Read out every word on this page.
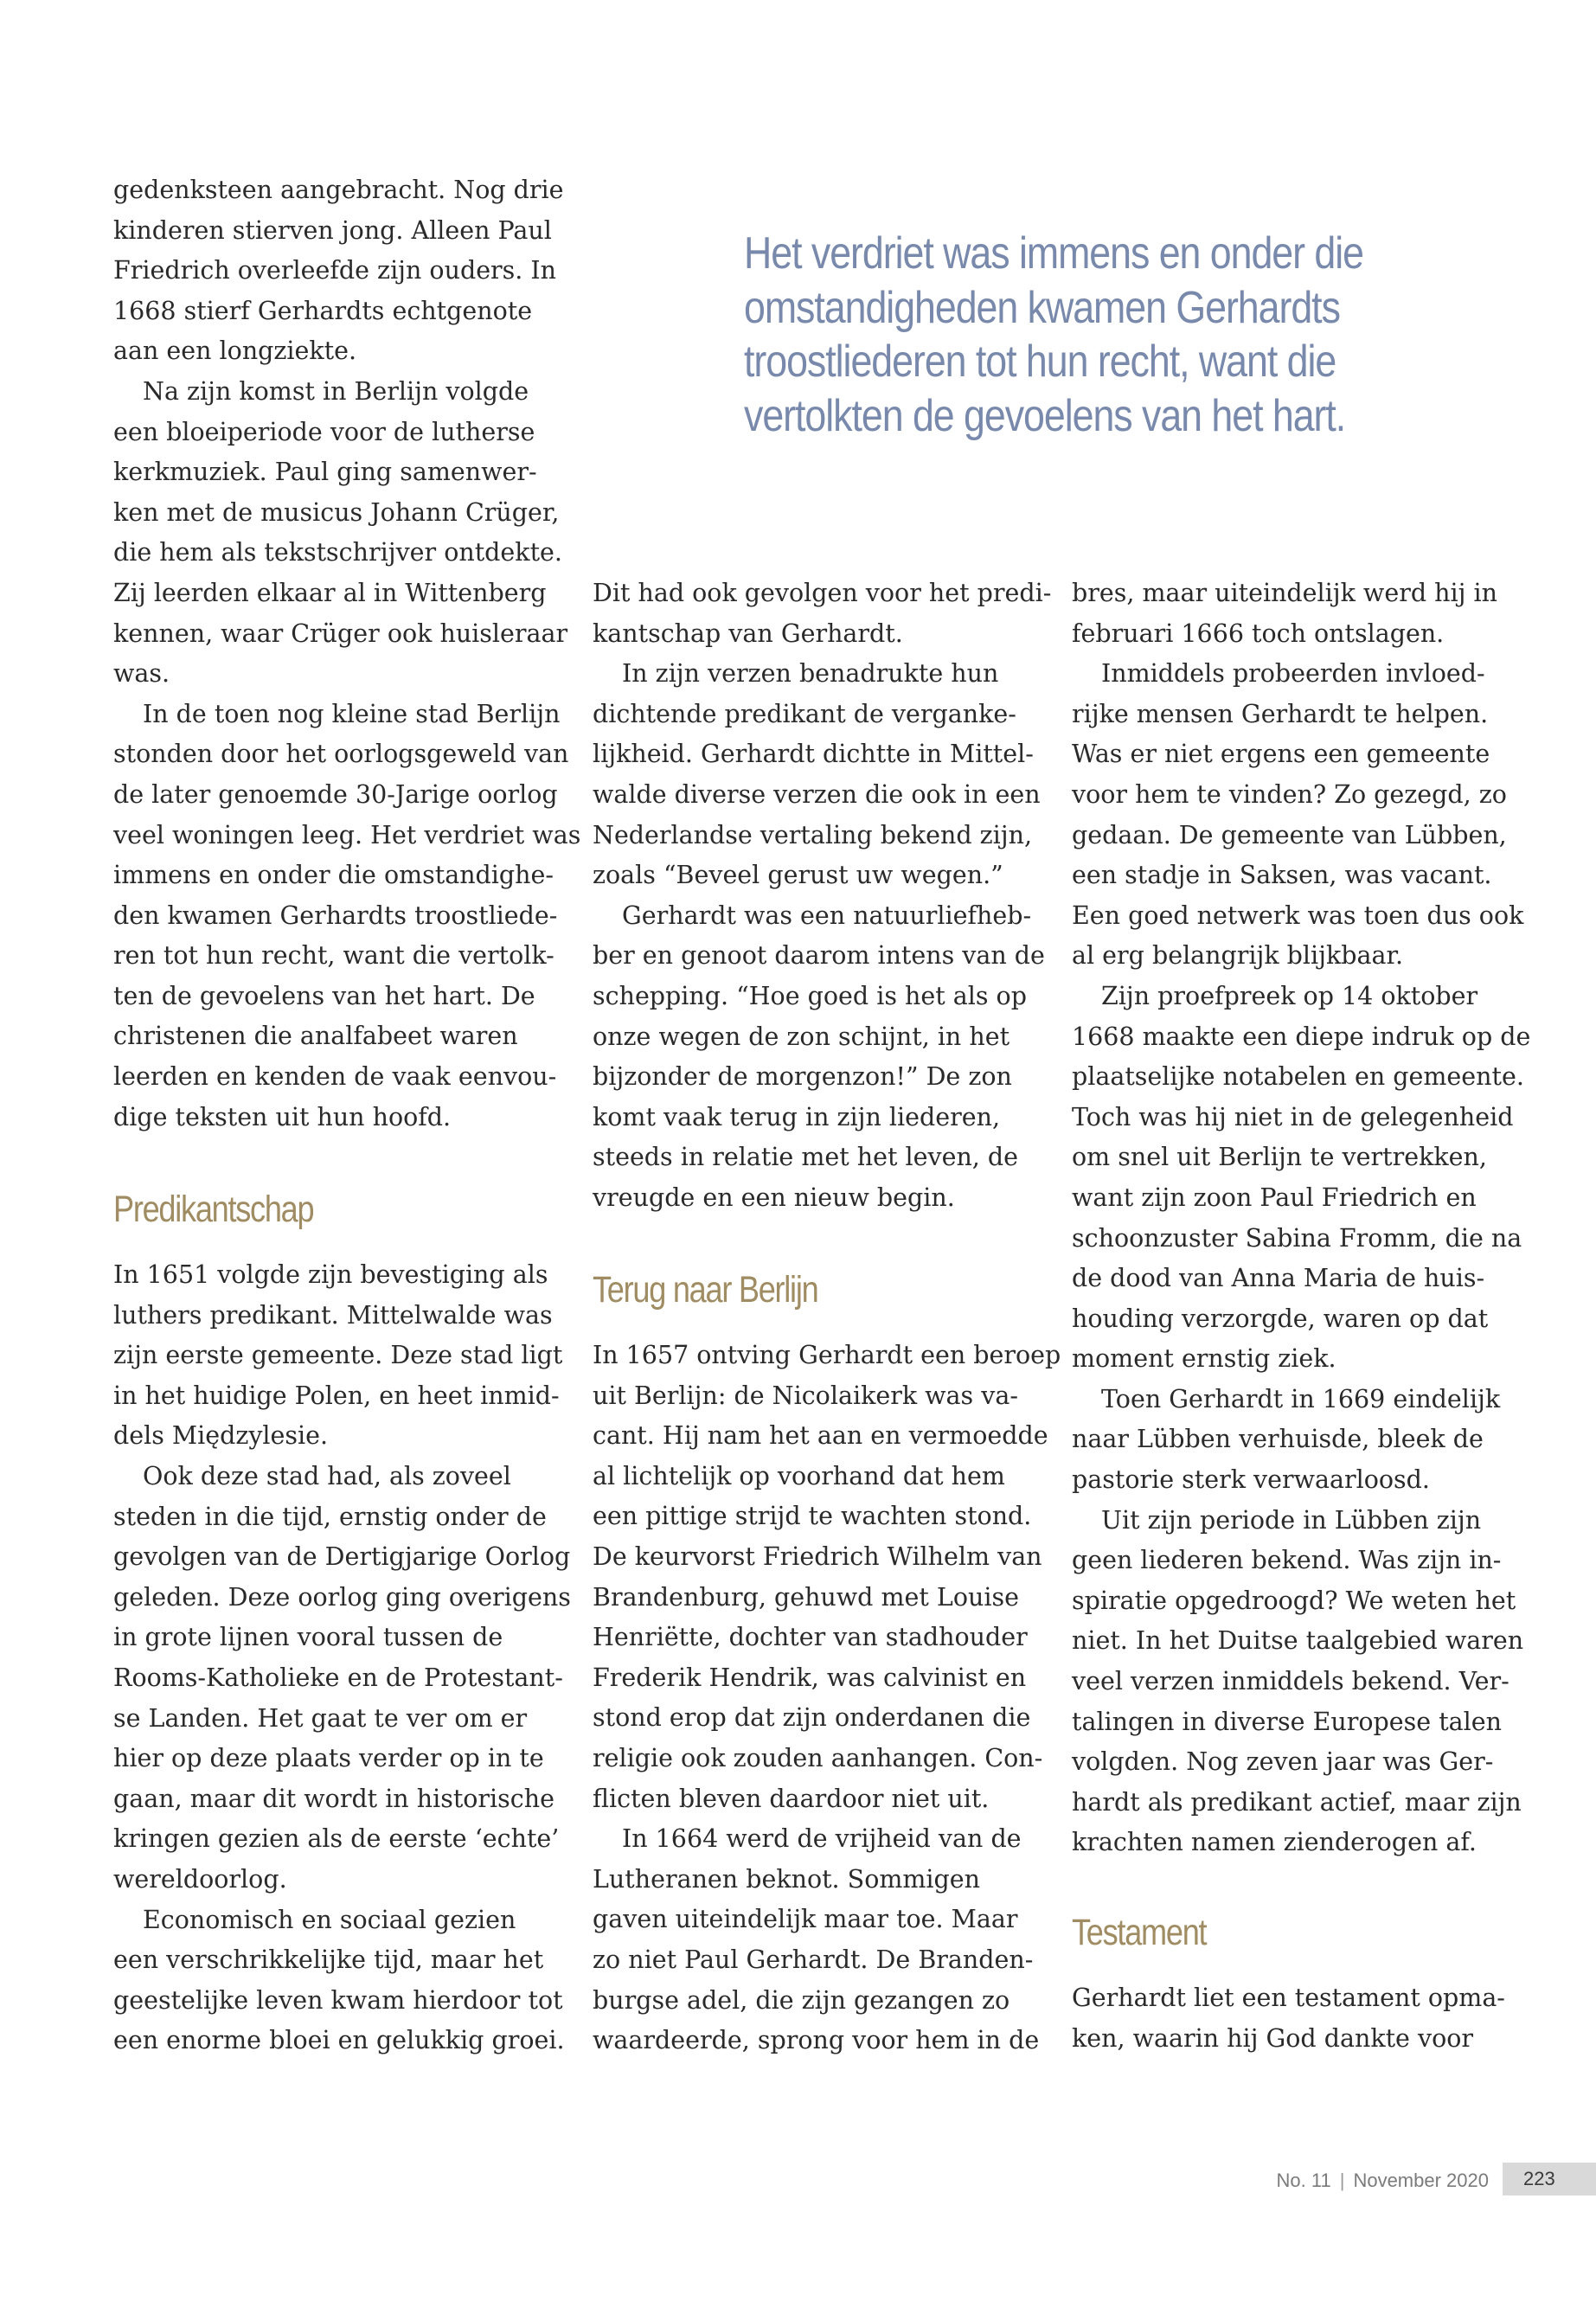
Het verdriet was immens en onder die

omstandigheden kwamen Gerhardts

troostliederen tot hun recht, want die

vertolkten de gevoelens van het hart.

gedenksteen aangebracht. Nog drie

kinderen stierven jong. Alleen Paul

Friedrich overleefde zijn ouders. In

1668 stierf Gerhardts echtgenote

aan een longziekte.

Na zijn komst in Berlijn volgde

een bloeiperiode voor de lutherse

kerkmuziek. Paul ging samenwer-

ken met de musicus Johann Crüger,

die hem als tekstschrijver ontdekte.

Zij leerden elkaar al in Wittenberg

kennen, waar Crüger ook huisleraar

was.

In de toen nog kleine stad Berlijn

stonden door het oorlogsgeweld van

de later genoemde 30-Jarige oorlog

veel woningen leeg. Het verdriet was

immens en onder die omstandighe-

den kwamen Gerhardts troostliede-

ren tot hun recht, want die vertolk-

ten de gevoelens van het hart. De

christenen die analfabeet waren

leerden en kenden de vaak eenvou-

dige teksten uit hun hoofd.

Predikantschap

In 1651 volgde zijn bevestiging als

luthers predikant. Mittelwalde was

zijn eerste gemeente. Deze stad ligt

in het huidige Polen, en heet inmid-

dels Międzylesie.

Ook deze stad had, als zoveel

steden in die tijd, ernstig onder de

gevolgen van de Dertigjarige Oorlog

geleden. Deze oorlog ging overigens

in grote lijnen vooral tussen de

Rooms-Katholieke en de Protestant-

se Landen. Het gaat te ver om er

hier op deze plaats verder op in te

gaan, maar dit wordt in historische

kringen gezien als de eerste ‘echte’

wereldoorlog.

Economisch en sociaal gezien

een verschrikkelijke tijd, maar het

geestelijke leven kwam hierdoor tot

een enorme bloei en gelukkig groei.

Dit had ook gevolgen voor het predi-

kantschap van Gerhardt.

In zijn verzen benadrukte hun

dichtende predikant de verganke-

lijkheid. Gerhardt dichtte in Mittel-

walde diverse verzen die ook in een

Nederlandse vertaling bekend zijn,

zoals “Beveel gerust uw wegen.”

Gerhardt was een natuurliefheb-

ber en genoot daarom intens van de

schepping. “Hoe goed is het als op

onze wegen de zon schijnt, in het

bijzonder de morgenzon!” De zon

komt vaak terug in zijn liederen,

steeds in relatie met het leven, de

vreugde en een nieuw begin.

Terug naar Berlijn

In 1657 ontving Gerhardt een beroep

uit Berlijn: de Nicolaikerk was va-

cant. Hij nam het aan en vermoedde

al lichtelijk op voorhand dat hem

een pittige strijd te wachten stond.

De keurvorst Friedrich Wilhelm van

Brandenburg, gehuwd met Louise

Henriëtte, dochter van stadhouder

Frederik Hendrik, was calvinist en

stond erop dat zijn onderdanen die

religie ook zouden aanhangen. Con-

flicten bleven daardoor niet uit.

In 1664 werd de vrijheid van de

Lutheranen beknot. Sommigen

gaven uiteindelijk maar toe. Maar

zo niet Paul Gerhardt. De Branden-

burgse adel, die zijn gezangen zo

waardeerde, sprong voor hem in de

bres, maar uiteindelijk werd hij in

februari 1666 toch ontslagen.

Inmiddels probeerden invloed-

rijke mensen Gerhardt te helpen.

Was er niet ergens een gemeente

voor hem te vinden? Zo gezegd, zo

gedaan. De gemeente van Lübben,

een stadje in Saksen, was vacant.

Een goed netwerk was toen dus ook

al erg belangrijk blijkbaar.

Zijn proefpreek op 14 oktober

1668 maakte een diepe indruk op de

plaatselijke notabelen en gemeente.

Toch was hij niet in de gelegenheid

om snel uit Berlijn te vertrekken,

want zijn zoon Paul Friedrich en

schoonzuster Sabina Fromm, die na

de dood van Anna Maria de huis-

houding verzorgde, waren op dat

moment ernstig ziek.

Toen Gerhardt in 1669 eindelijk

naar Lübben verhuisde, bleek de

pastorie sterk verwaarloosd.

Uit zijn periode in Lübben zijn

geen liederen bekend. Was zijn in-

spiratie opgedroogd? We weten het

niet. In het Duitse taalgebied waren

veel verzen inmiddels bekend. Ver-

talingen in diverse Europese talen

volgden. Nog zeven jaar was Ger-

hardt als predikant actief, maar zijn

krachten namen zienderogen af.

Testament

Gerhardt liet een testament opma-

ken, waarin hij God dankte voor

No. 11 | November 2020	223
